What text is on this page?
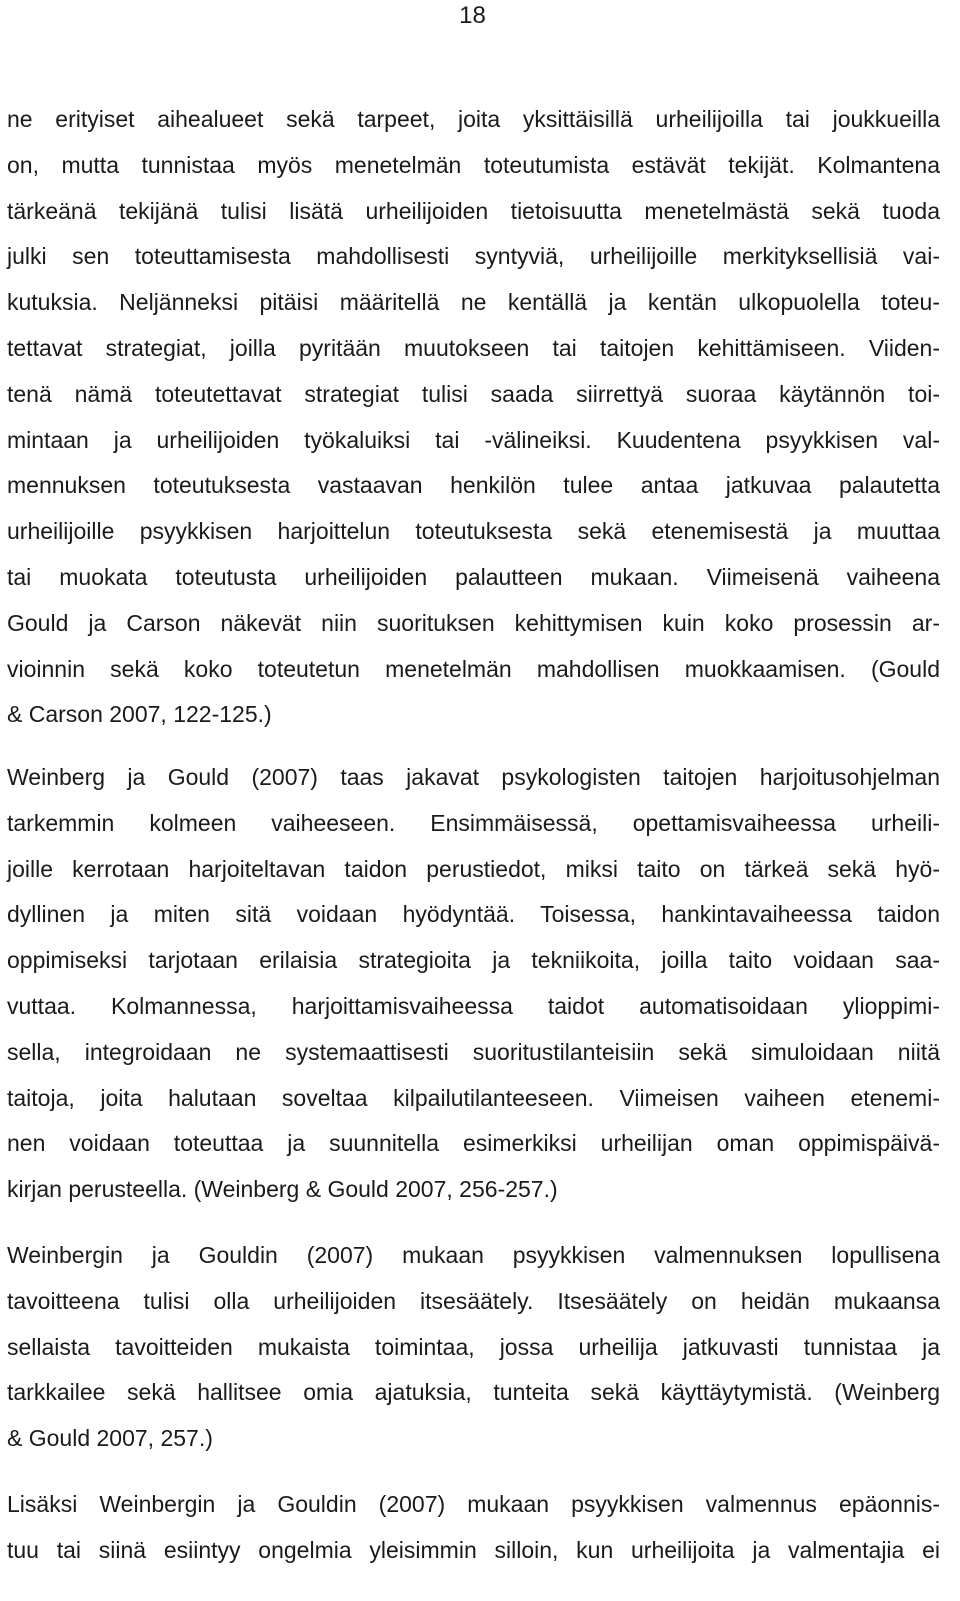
18
ne erityiset aihealueet sekä tarpeet, joita yksittäisillä urheilijoilla tai joukkueilla
on, mutta tunnistaa myös menetelmän toteutumista estävät tekijät. Kolmantena
tärkeänä tekijänä tulisi lisätä urheilijoiden tietoisuutta menetelmästä sekä tuoda
julki sen toteuttamisesta mahdollisesti syntyviä, urheilijoille merkityksellisiä vai-
kutuksia. Neljänneksi pitäisi määritellä ne kentällä ja kentän ulkopuolella toteu-
tettavat strategiat, joilla pyritään muutokseen tai taitojen kehittämiseen. Viiden-
tenä nämä toteutettavat strategiat tulisi saada siirrettyä suoraa käytännön toi-
mintaan ja urheilijoiden työkaluiksi tai -välineiksi. Kuudentena psyykkisen val-
mennuksen toteutuksesta vastaavan henkilön tulee antaa jatkuvaa palautetta
urheilijoille psyykkisen harjoittelun toteutuksesta sekä etenemisestä ja muuttaa
tai muokata toteutusta urheilijoiden palautteen mukaan. Viimeisenä vaiheena
Gould ja Carson näkevät niin suorituksen kehittymisen kuin koko prosessin ar-
vioinnin sekä koko toteutetun menetelmän mahdollisen muokkaamisen. (Gould
& Carson 2007, 122-125.)
Weinberg ja Gould (2007) taas jakavat psykologisten taitojen harjoitusohjelman
tarkemmin kolmeen vaiheeseen. Ensimmäisessä, opettamisvaiheessa urheili-
joille kerrotaan harjoiteltavan taidon perustiedot, miksi taito on tärkeä sekä hyö-
dyllinen ja miten sitä voidaan hyödyntää. Toisessa, hankintavaiheessa taidon
oppimiseksi tarjotaan erilaisia strategioita ja tekniikoita, joilla taito voidaan saa-
vuttaa. Kolmannessa, harjoittamisvaiheessa taidot automatisoidaan ylioppimi-
sella, integroidaan ne systemaattisesti suoritustilanteisiin sekä simuloidaan niitä
taitoja, joita halutaan soveltaa kilpailutilanteeseen. Viimeisen vaiheen etenemi-
nen voidaan toteuttaa ja suunnitella esimerkiksi urheilijan oman oppimispäivä-
kirjan perusteella. (Weinberg & Gould 2007, 256-257.)
Weinbergin ja Gouldin (2007) mukaan psyykkisen valmennuksen lopullisena
tavoitteena tulisi olla urheilijoiden itsesäätely. Itsesäätely on heidän mukaansa
sellaista tavoitteiden mukaista toimintaa, jossa urheilija jatkuvasti tunnistaa ja
tarkkailee sekä hallitsee omia ajatuksia, tunteita sekä käyttäytymistä. (Weinberg
& Gould 2007, 257.)
Lisäksi Weinbergin ja Gouldin (2007) mukaan psyykkisen valmennus epäonnis-
tuu tai siinä esiintyy ongelmia yleisimmin silloin, kun urheilijoita ja valmentajia ei
